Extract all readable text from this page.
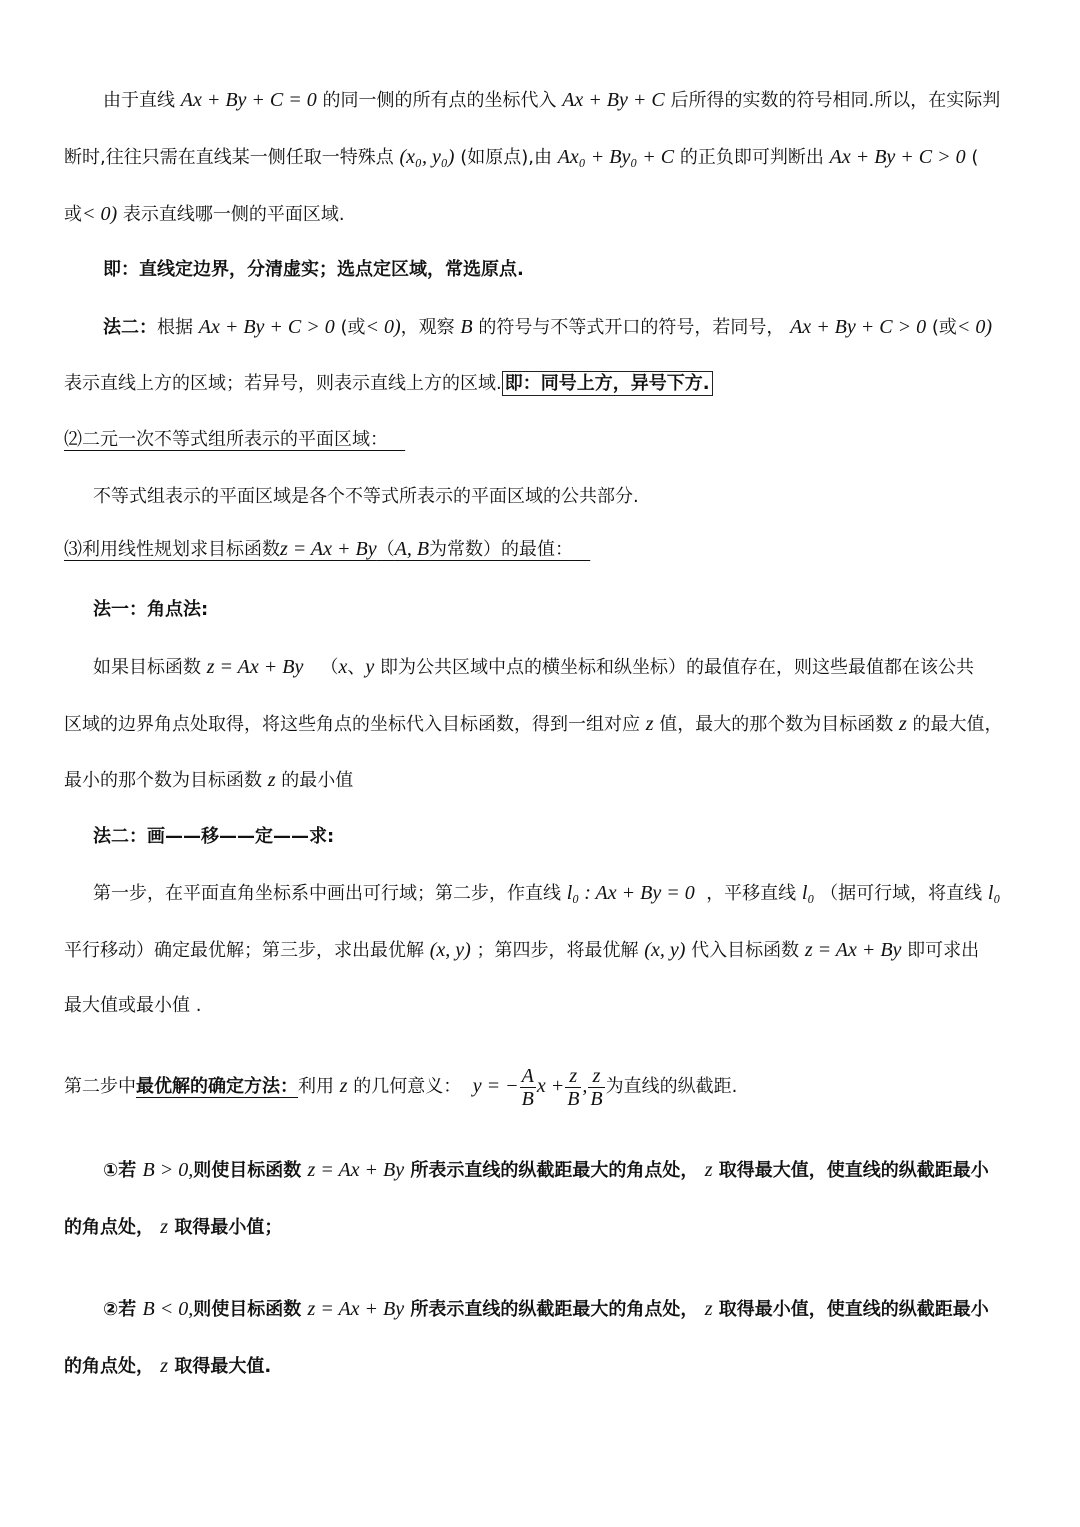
由于直线 Ax + By + C = 0 的同一侧的所有点的坐标代入 Ax + By + C 后所得的实数的符号相同.所以，在实际判
断时,往往只需在直线某一侧任取一特殊点 (x₀, y₀) (如原点),由 Ax₀ + By₀ + C 的正负即可判断出 Ax + By + C > 0 (
或< 0) 表示直线哪一侧的平面区域.
即：直线定边界，分清虚实；选点定区域，常选原点.
法二：根据 Ax + By + C > 0 (或< 0)，观察 B 的符号与不等式开口的符号，若同号， Ax + By + C > 0 (或< 0)
表示直线上方的区域；若异号，则表示直线上方的区域. 即：同号上方，异号下方.
⑵二元一次不等式组所表示的平面区域：
不等式组表示的平面区域是各个不等式所表示的平面区域的公共部分.
⑶利用线性规划求目标函数z = Ax + By（A, B为常数）的最值：
法一：角点法:
如果目标函数 z = Ax + By （x、y 即为公共区域中点的横坐标和纵坐标）的最值存在，则这些最值都在该公共
区域的边界角点处取得，将这些角点的坐标代入目标函数，得到一组对应 z 值，最大的那个数为目标函数 z 的最大值，
最小的那个数为目标函数 z 的最小值
法二：画——移——定——求:
第一步，在平面直角坐标系中画出可行域；第二步，作直线 l₀ : Ax + By = 0 ，平移直线 l₀ （据可行域，将直线 l₀
平行移动）确定最优解；第三步，求出最优解 (x, y) ；第四步，将最优解 (x, y) 代入目标函数 z = Ax + By 即可求出
最大值或最小值 .
第二步中最优解的确定方法：利用 z 的几何意义： y = − $\frac{A}{B}$ $x + \frac{z}{B}$ , $\frac{z}{B}$ 为直线的纵截距.
①若 B > 0,则使目标函数 z = Ax + By 所表示直线的纵截距最大的角点处， z 取得最大值，使直线的纵截距最小
的角点处， z 取得最小值；
②若 B < 0,则使目标函数 z = Ax + By 所表示直线的纵截距最大的角点处， z 取得最小值，使直线的纵截距最小
的角点处， z 取得最大值.
